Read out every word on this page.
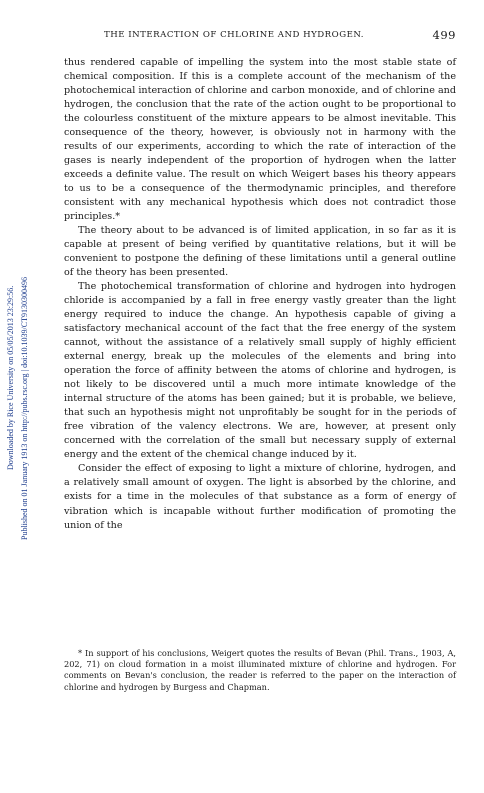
Downloaded by Rice University on 05/05/2013 23:29:56. Published on 01 January 1913 on http://pubs.rsc.org | doi:10.1039/CT9130300496
THE INTERACTION OF CHLORINE AND HYDROGEN.	499

thus rendered capable of impelling the system into the most stable state of chemical composition. If this is a complete account of the mechanism of the photochemical interaction of chlorine and carbon monoxide, and of chlorine and hydrogen, the conclusion that the rate of the action ought to be proportional to the colourless constituent of the mixture appears to be almost inevitable. This consequence of the theory, however, is obviously not in harmony with the results of our experiments, according to which the rate of interaction of the gases is nearly independent of the proportion of hydrogen when the latter exceeds a definite value. The result on which Weigert bases his theory appears to us to be a consequence of the thermodynamic principles, and therefore consistent with any mechanical hypothesis which does not contradict those principles.*

The theory about to be advanced is of limited application, in so far as it is capable at present of being verified by quantitative relations, but it will be convenient to postpone the defining of these limitations until a general outline of the theory has been presented.

The photochemical transformation of chlorine and hydrogen into hydrogen chloride is accompanied by a fall in free energy vastly greater than the light energy required to induce the change. An hypothesis capable of giving a satisfactory mechanical account of the fact that the free energy of the system cannot, without the assistance of a relatively small supply of highly efficient external energy, break up the molecules of the elements and bring into operation the force of affinity between the atoms of chlorine and hydrogen, is not likely to be discovered until a much more intimate knowledge of the internal structure of the atoms has been gained; but it is probable, we believe, that such an hypothesis might not unprofitably be sought for in the periods of free vibration of the valency electrons. We are, however, at present only concerned with the correlation of the small but necessary supply of external energy and the extent of the chemical change induced by it.

Consider the effect of exposing to light a mixture of chlorine, hydrogen, and a relatively small amount of oxygen. The light is absorbed by the chlorine, and exists for a time in the molecules of that substance as a form of energy of vibration which is incapable without further modification of promoting the union of the

* In support of his conclusions, Weigert quotes the results of Bevan (Phil. Trans., 1903, A, 202, 71) on cloud formation in a moist illuminated mixture of chlorine and hydrogen. For comments on Bevan's conclusion, the reader is referred to the paper on the interaction of chlorine and hydrogen by Burgess and Chapman.
